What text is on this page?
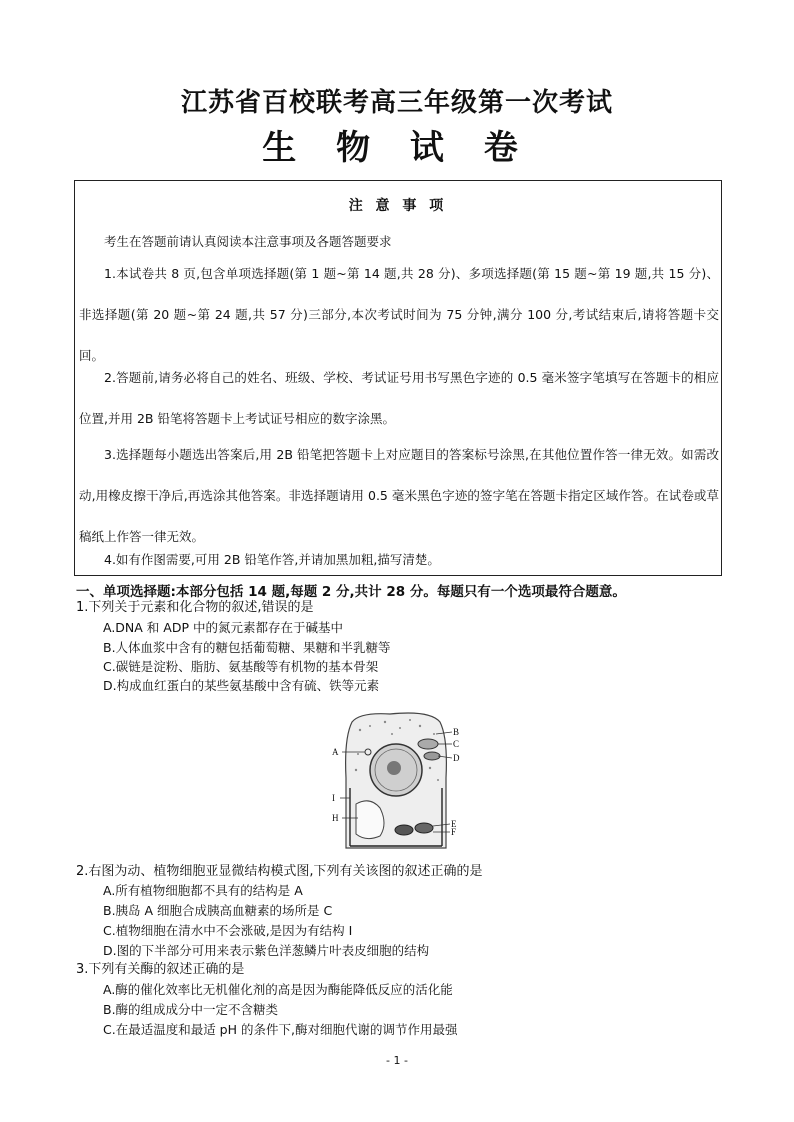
江苏省百校联考高三年级第一次考试
生 物 试 卷
注 意 事 项

考生在答题前请认真阅读本注意事项及各题答题要求

1.本试卷共 8 页,包含单项选择题(第 1 题~第 14 题,共 28 分)、多项选择题(第 15 题~第 19 题,共 15 分)、非选择题(第 20 题~第 24 题,共 57 分)三部分,本次考试时间为 75 分钟,满分 100 分,考试结束后,请将答题卡交回。

2.答题前,请务必将自己的姓名、班级、学校、考试证号用书写黑色字迹的 0.5 毫米签字笔填写在答题卡的相应位置,并用 2B 铅笔将答题卡上考试证号相应的数字涂黑。

3.选择题每小题选出答案后,用 2B 铅笔把答题卡上对应题目的答案标号涂黑,在其他位置作答一律无效。如需改动,用橡皮擦干净后,再选涂其他答案。非选择题请用 0.5 毫米黑色字迹的签字笔在答题卡指定区域作答。在试卷或草稿纸上作答一律无效。

4.如有作图需要,可用 2B 铅笔作答,并请加黑加粗,描写清楚。

一、单项选择题:本部分包括 14 题,每题 2 分,共计 28 分。每题只有一个选项最符合题意。
1.下列关于元素和化合物的叙述,错误的是
A.DNA 和 ADP 中的氮元素都存在于碱基中
B.人体血浆中含有的糖包括葡萄糖、果糖和半乳糖等
C.碳链是淀粉、脂肪、氨基酸等有机物的基本骨架
D.构成血红蛋白的某些氨基酸中含有硫、铁等元素
A
B
C
D
I
H
E
F
2.右图为动、植物细胞亚显微结构模式图,下列有关该图的叙述正确的是
A.所有植物细胞都不具有的结构是 A
B.胰岛 A 细胞合成胰高血糖素的场所是 C
C.植物细胞在清水中不会涨破,是因为有结构 I
D.图的下半部分可用来表示紫色洋葱鳞片叶表皮细胞的结构
3.下列有关酶的叙述正确的是
A.酶的催化效率比无机催化剂的高是因为酶能降低反应的活化能
B.酶的组成成分中一定不含糖类
C.在最适温度和最适 pH 的条件下,酶对细胞代谢的调节作用最强
- 1 -
